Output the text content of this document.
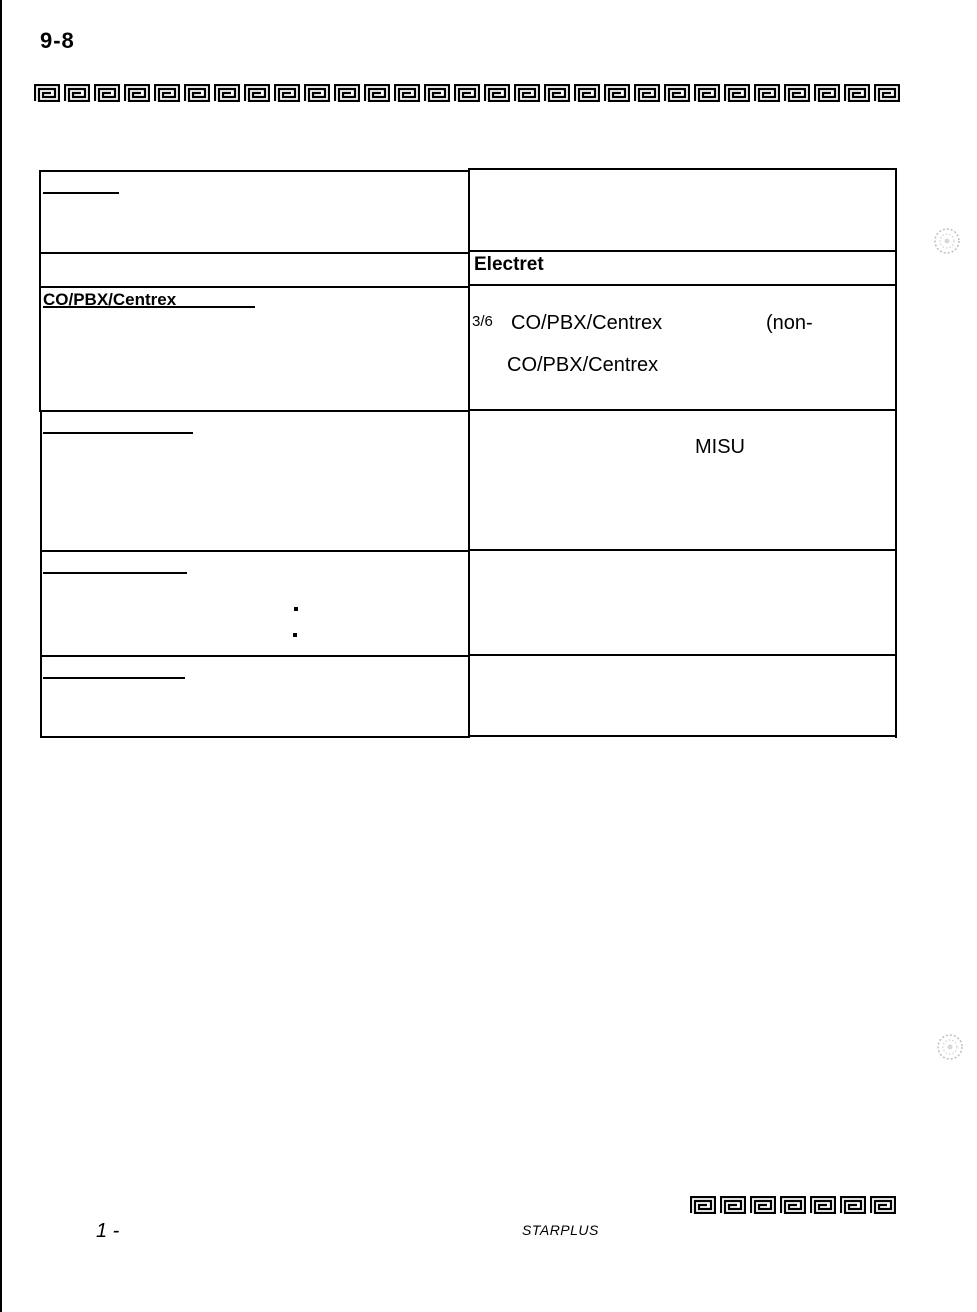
9-8
Electret
CO/PBX/Centrex
3/6 CO/PBX/Centrex	(non-
CO/PBX/Centrex
MISU
1 -	STARPLUS
